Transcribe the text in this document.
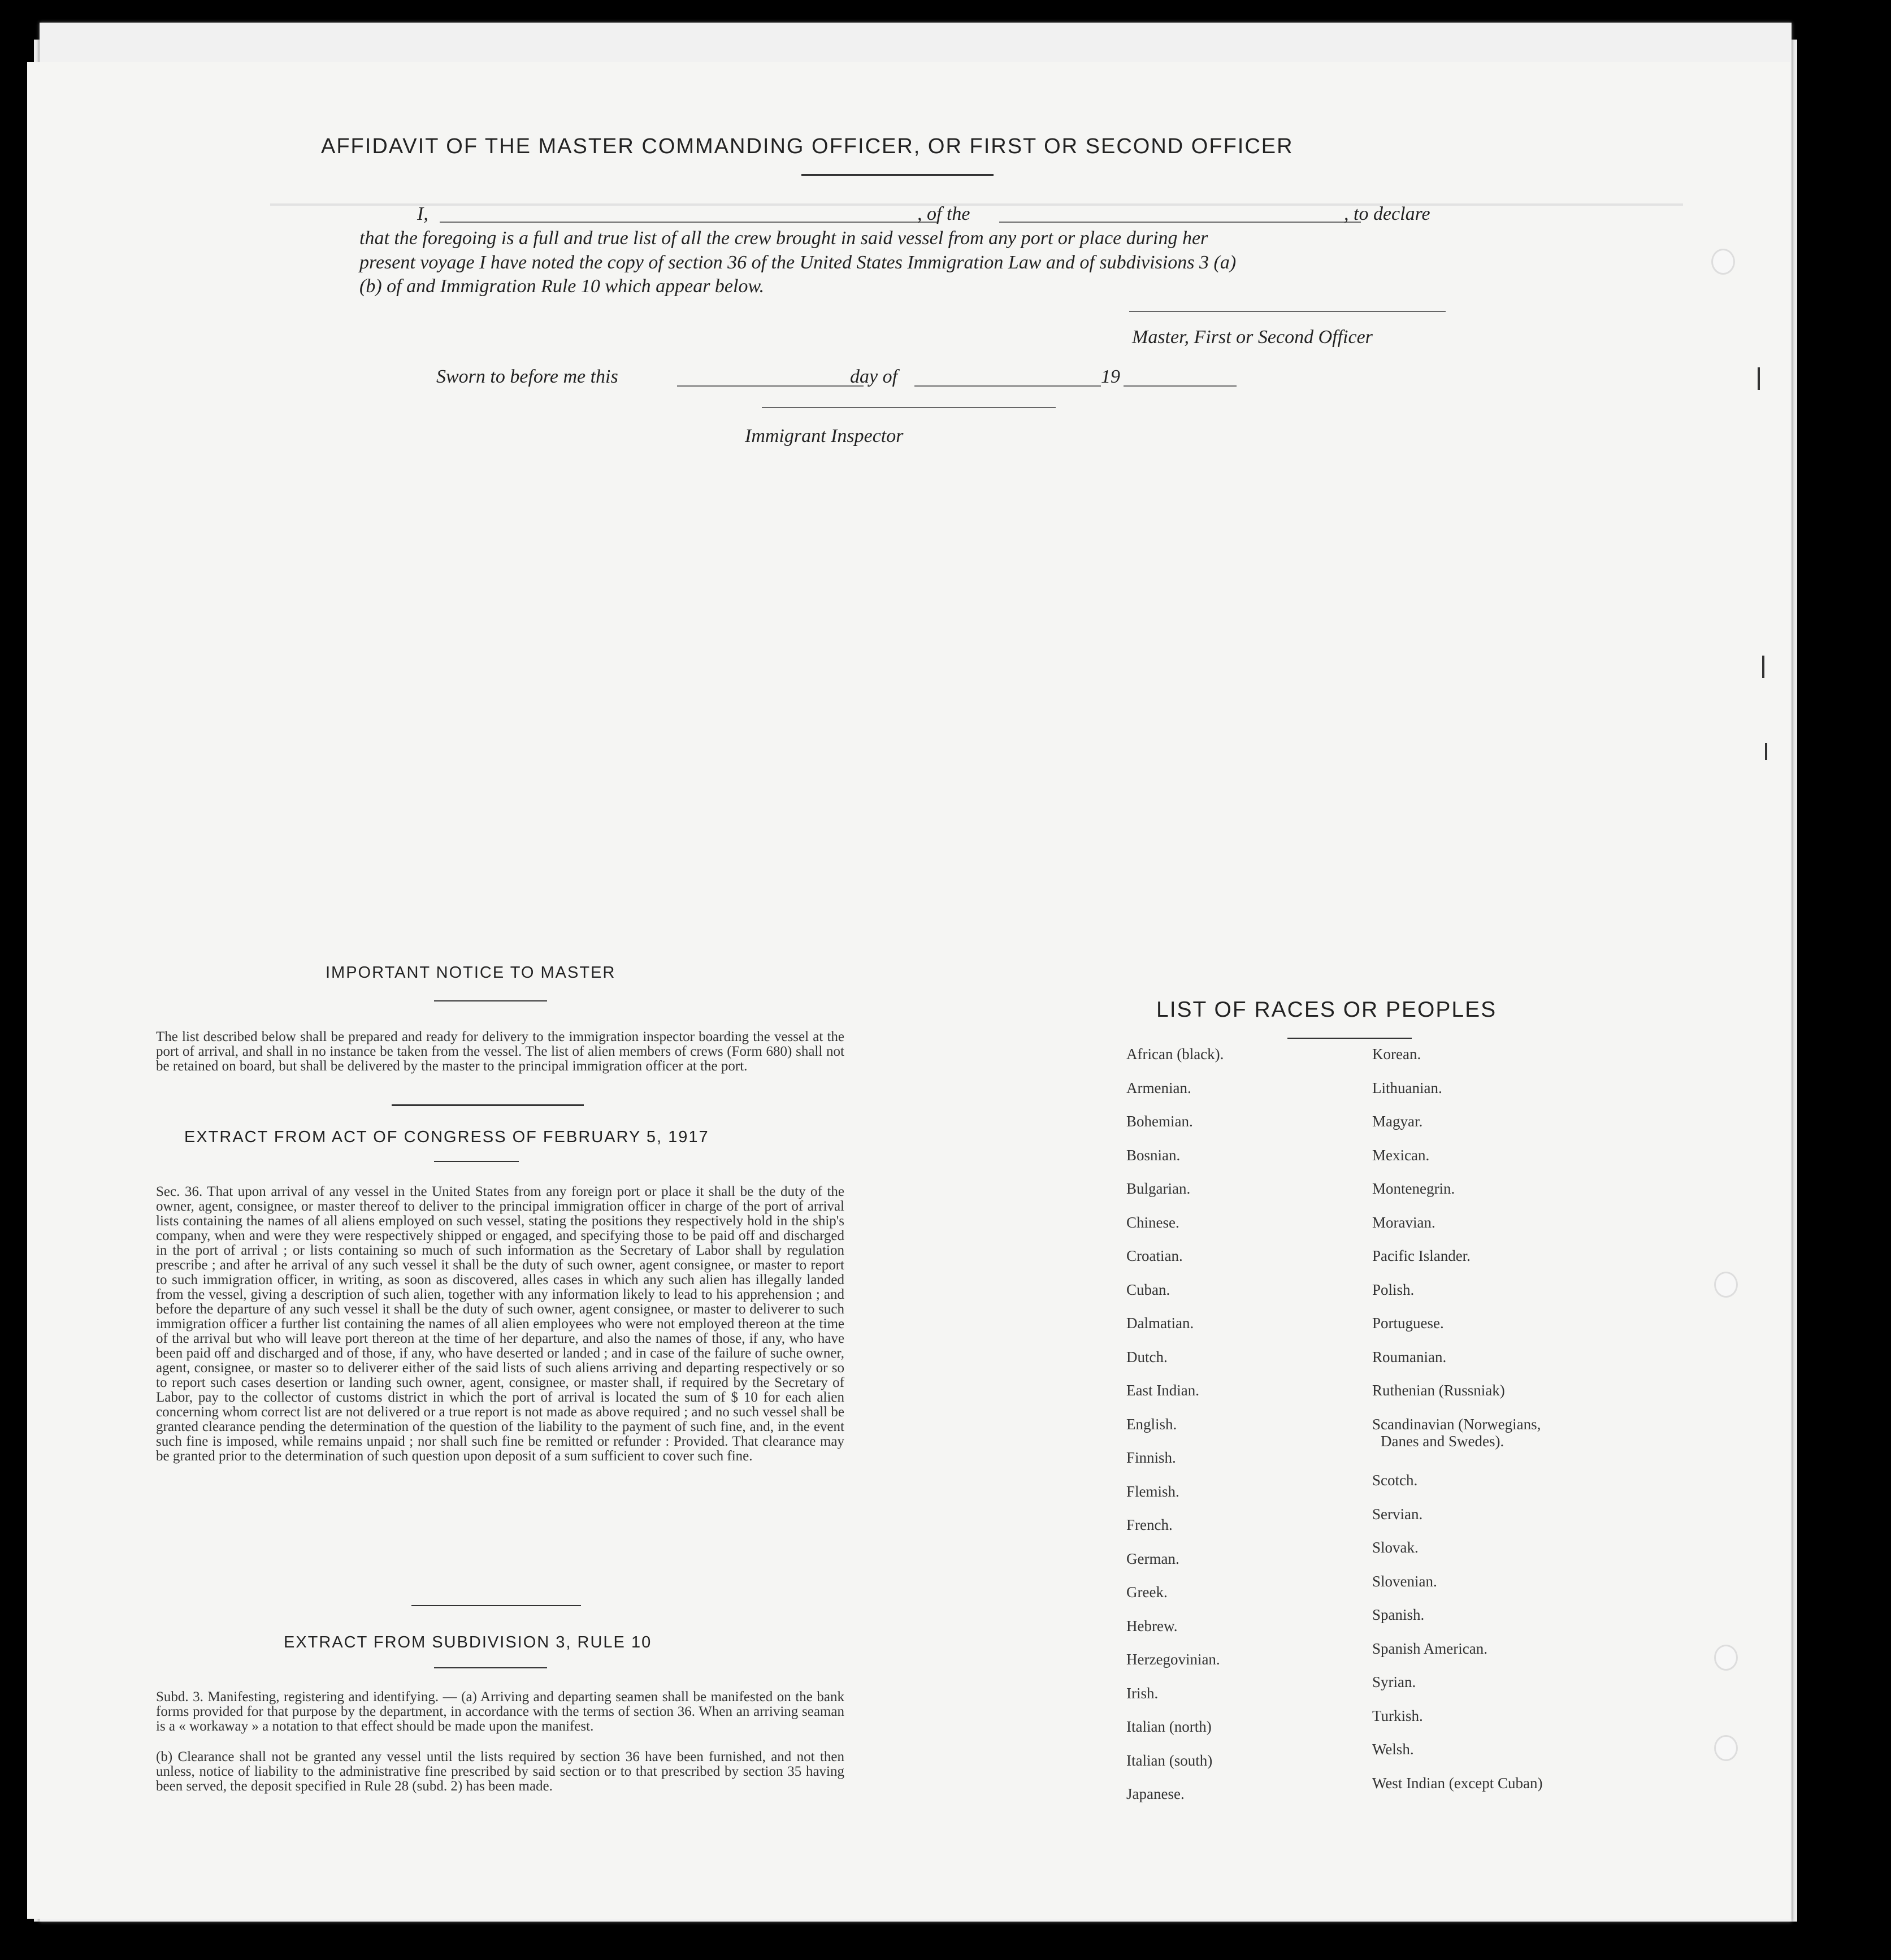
AFFIDAVIT OF THE MASTER COMMANDING OFFICER, OR FIRST OR SECOND OFFICER
I,	, of the	, to declare
that the foregoing is a full and true list of all the crew brought in said vessel from any port or place during her
present voyage I have noted the copy of section 36 of the United States Immigration Law and of subdivisions 3 (a)
(b) of and Immigration Rule 10 which appear below.
Master, First or Second Officer
Sworn to before me this	day of	19
Immigrant Inspector
IMPORTANT NOTICE TO MASTER
The list described below shall be prepared and ready for delivery to the immigration inspector boarding the vessel at the port of arrival, and shall in no instance be taken from the vessel. The list of alien members of crews (Form 680) shall not be retained on board, but shall be delivered by the master to the principal immigration officer at the port.
EXTRACT FROM ACT OF CONGRESS OF FEBRUARY 5, 1917
Sec. 36. That upon arrival of any vessel in the United States from any foreign port or place it shall be the duty of the owner, agent, consignee, or master thereof to deliver to the principal immigration officer in charge of the port of arrival lists containing the names of all aliens employed on such vessel, stating the positions they respectively hold in the ship's company, when and were they were respectively shipped or engaged, and specifying those to be paid off and discharged in the port of arrival ; or lists containing so much of such information as the Secretary of Labor shall by regulation prescribe ; and after he arrival of any such vessel it shall be the duty of such owner, agent consignee, or master to report to such immigration officer, in writing, as soon as discovered, alles cases in which any such alien has illegally landed from the vessel, giving a description of such alien, together with any information likely to lead to his apprehension ; and before the departure of any such vessel it shall be the duty of such owner, agent consignee, or master to deliverer to such immigration officer a further list containing the names of all alien employees who were not employed thereon at the time of the arrival but who will leave port thereon at the time of her departure, and also the names of those, if any, who have been paid off and discharged and of those, if any, who have deserted or landed ; and in case of the failure of suche owner, agent, consignee, or master so to deliverer either of the said lists of such aliens arriving and departing respectively or so to report such cases desertion or landing such owner, agent, consignee, or master shall, if required by the Secretary of Labor, pay to the collector of customs district in which the port of arrival is located the sum of $ 10 for each alien concerning whom correct list are not delivered or a true report is not made as above required ; and no such vessel shall be granted clearance pending the determination of the question of the liability to the payment of such fine, and, in the event such fine is imposed, while remains unpaid ; nor shall such fine be remitted or refunder : Provided. That clearance may be granted prior to the determination of such question upon deposit of a sum sufficient to cover such fine.
EXTRACT FROM SUBDIVISION 3, RULE 10
Subd. 3. Manifesting, registering and identifying. — (a) Arriving and departing seamen shall be manifested on the bank forms provided for that purpose by the department, in accordance with the terms of section 36. When an arriving seaman is a « workaway » a notation to that effect should be made upon the manifest.
(b) Clearance shall not be granted any vessel until the lists required by section 36 have been furnished, and not then unless, notice of liability to the administrative fine prescribed by said section or to that prescribed by section 35 having been served, the deposit specified in Rule 28 (subd. 2) has been made.
LIST OF RACES OR PEOPLES
African (black).
Armenian.
Bohemian.
Bosnian.
Bulgarian.
Chinese.
Croatian.
Cuban.
Dalmatian.
Dutch.
East Indian.
English.
Finnish.
Flemish.
French.
German.
Greek.
Hebrew.
Herzegovinian.
Irish.
Italian (north)
Italian (south)
Japanese.
Korean.
Lithuanian.
Magyar.
Mexican.
Montenegrin.
Moravian.
Pacific Islander.
Polish.
Portuguese.
Roumanian.
Ruthenian (Russniak)
Scandinavian (Norwegians,
Danes and Swedes).
Scotch.
Servian.
Slovak.
Slovenian.
Spanish.
Spanish American.
Syrian.
Turkish.
Welsh.
West Indian (except Cuban)
